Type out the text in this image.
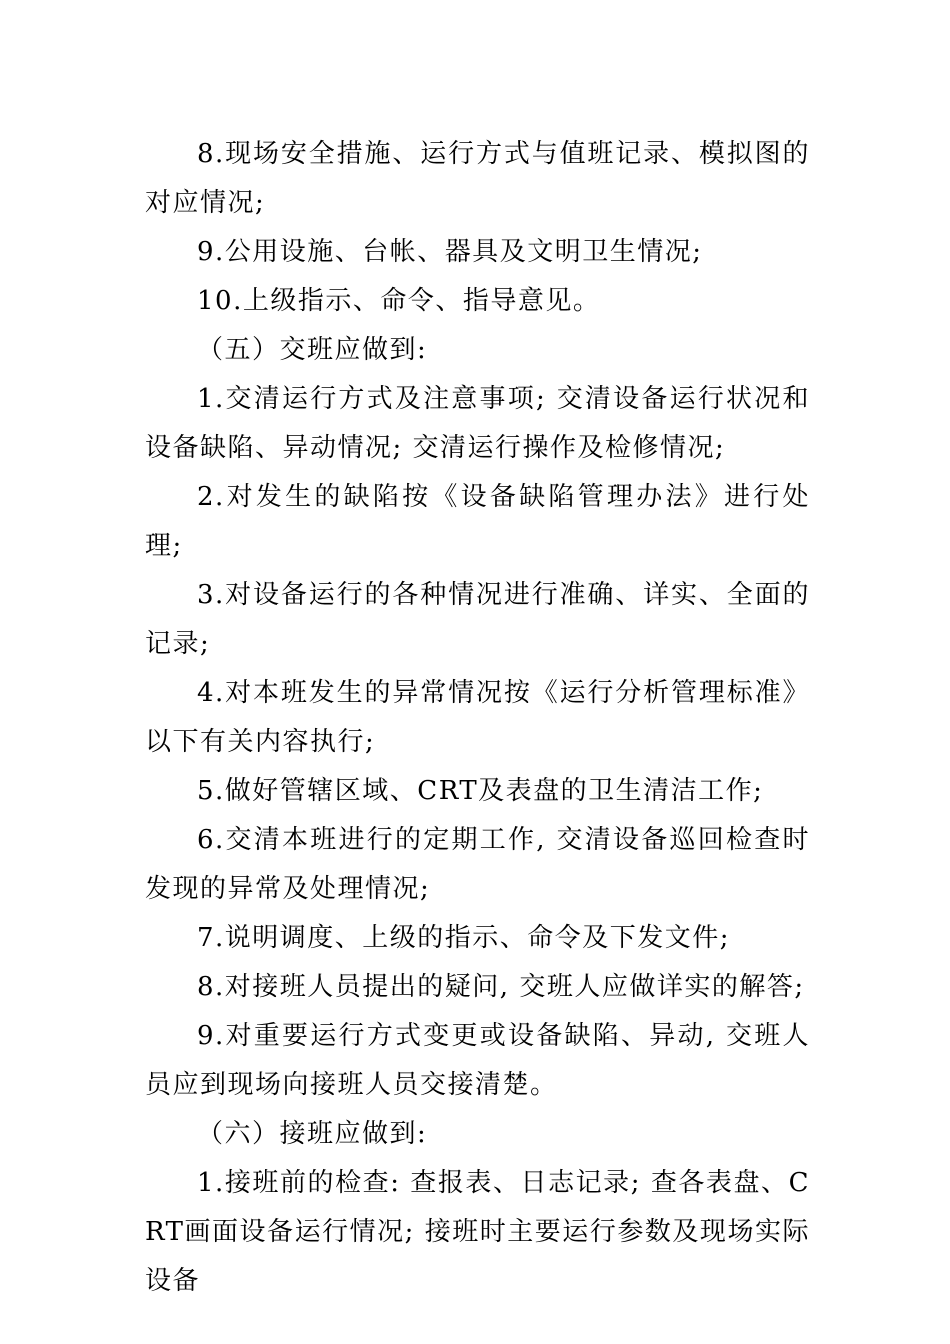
8.现场安全措施、运行方式与值班记录、模拟图的对应情况;

9.公用设施、台帐、器具及文明卫生情况;

10.上级指示、命令、指导意见。

（五）交班应做到:

1.交清运行方式及注意事项; 交清设备运行状况和设备缺陷、异动情况; 交清运行操作及检修情况;

2.对发生的缺陷按《设备缺陷管理办法》进行处理;

3.对设备运行的各种情况进行准确、详实、全面的记录;

4.对本班发生的异常情况按《运行分析管理标准》以下有关内容执行;

5.做好管辖区域、CRT及表盘的卫生清洁工作;

6.交清本班进行的定期工作, 交清设备巡回检查时发现的异常及处理情况;

7.说明调度、上级的指示、命令及下发文件;

8.对接班人员提出的疑问, 交班人应做详实的解答;

9.对重要运行方式变更或设备缺陷、异动, 交班人员应到现场向接班人员交接清楚。

（六）接班应做到:

1.接班前的检查: 查报表、日志记录; 查各表盘、CRT画面设备运行情况; 接班时主要运行参数及现场实际设备
